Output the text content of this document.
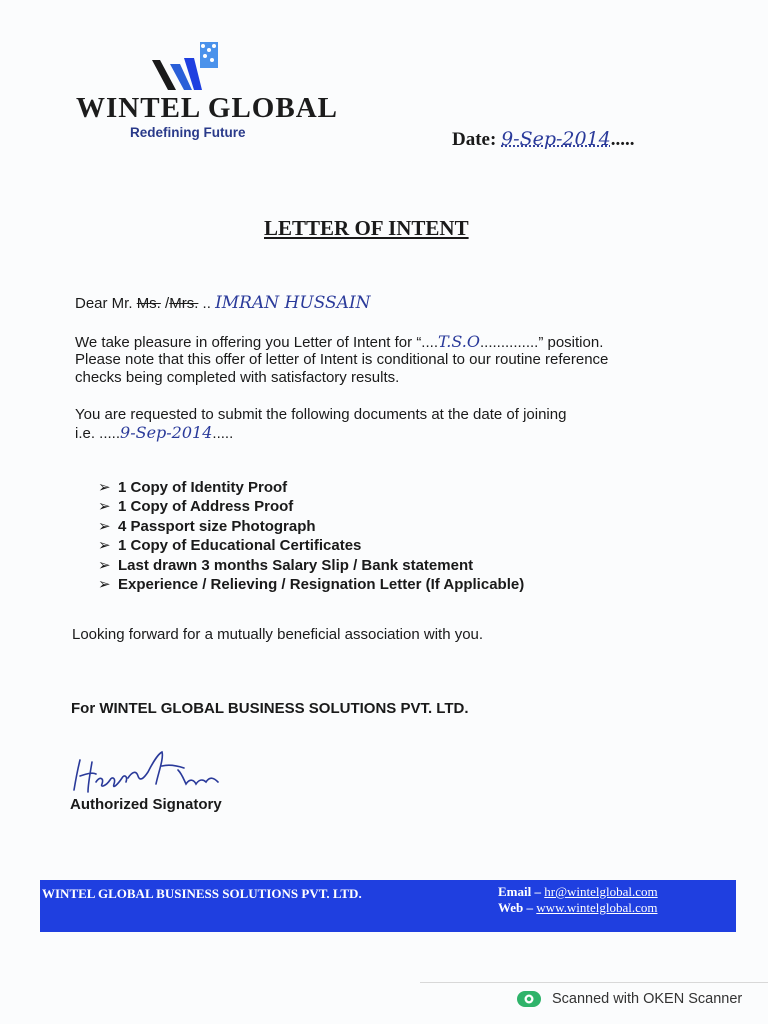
WINTEL GLOBAL
Redefining Future	Date: 9-Sep-2014.....
LETTER OF INTENT
Dear Mr. Ms. /Mrs. .. IMRAN HUSSAIN
We take pleasure in offering you Letter of Intent for “....T.S.O..............” position.
Please note that this offer of letter of Intent is conditional to our routine reference
checks being completed with satisfactory results.
You are requested to submit the following documents at the date of joining
i.e. .....9-Sep-2014.....
➢ 1 Copy of Identity Proof
➢ 1 Copy of Address Proof
➢ 4 Passport size Photograph
➢ 1 Copy of Educational Certificates
➢ Last drawn 3 months Salary Slip / Bank statement
➢ Experience / Relieving / Resignation Letter (If Applicable)
Looking forward for a mutually beneficial association with you.
For WINTEL GLOBAL BUSINESS SOLUTIONS PVT. LTD.
Authorized Signatory
WINTEL GLOBAL BUSINESS SOLUTIONS PVT. LTD.	Email – hr@wintelglobal.com
Web – www.wintelglobal.com
Scanned with OKEN Scanner
